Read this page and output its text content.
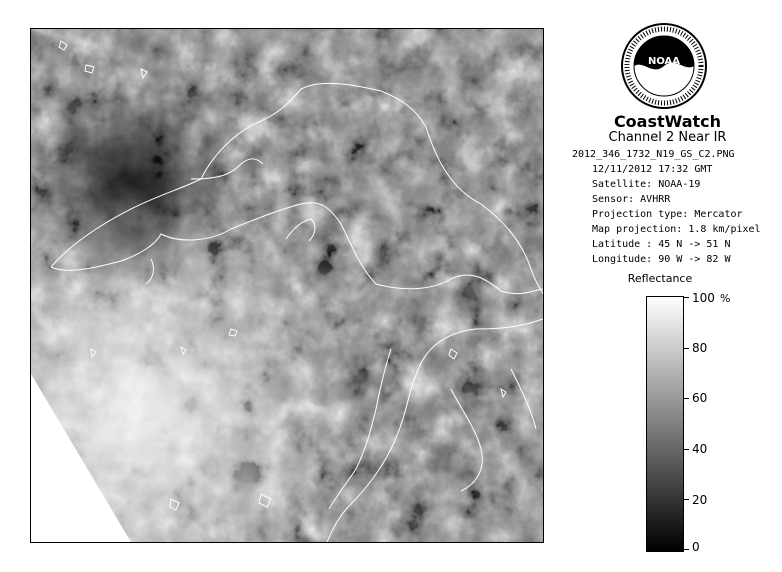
NOAA
CoastWatch
Channel 2 Near IR
2012_346_1732_N19_GS_C2.PNG
12/11/2012 17:32 GMT
Satellite: NOAA-19
Sensor: AVHRR
Projection type: Mercator
Map projection: 1.8 km/pixel
Latitude : 45 N -> 51 N
Longitude: 90 W -> 82 W
Reflectance
%
100
80
60
40
20
0
